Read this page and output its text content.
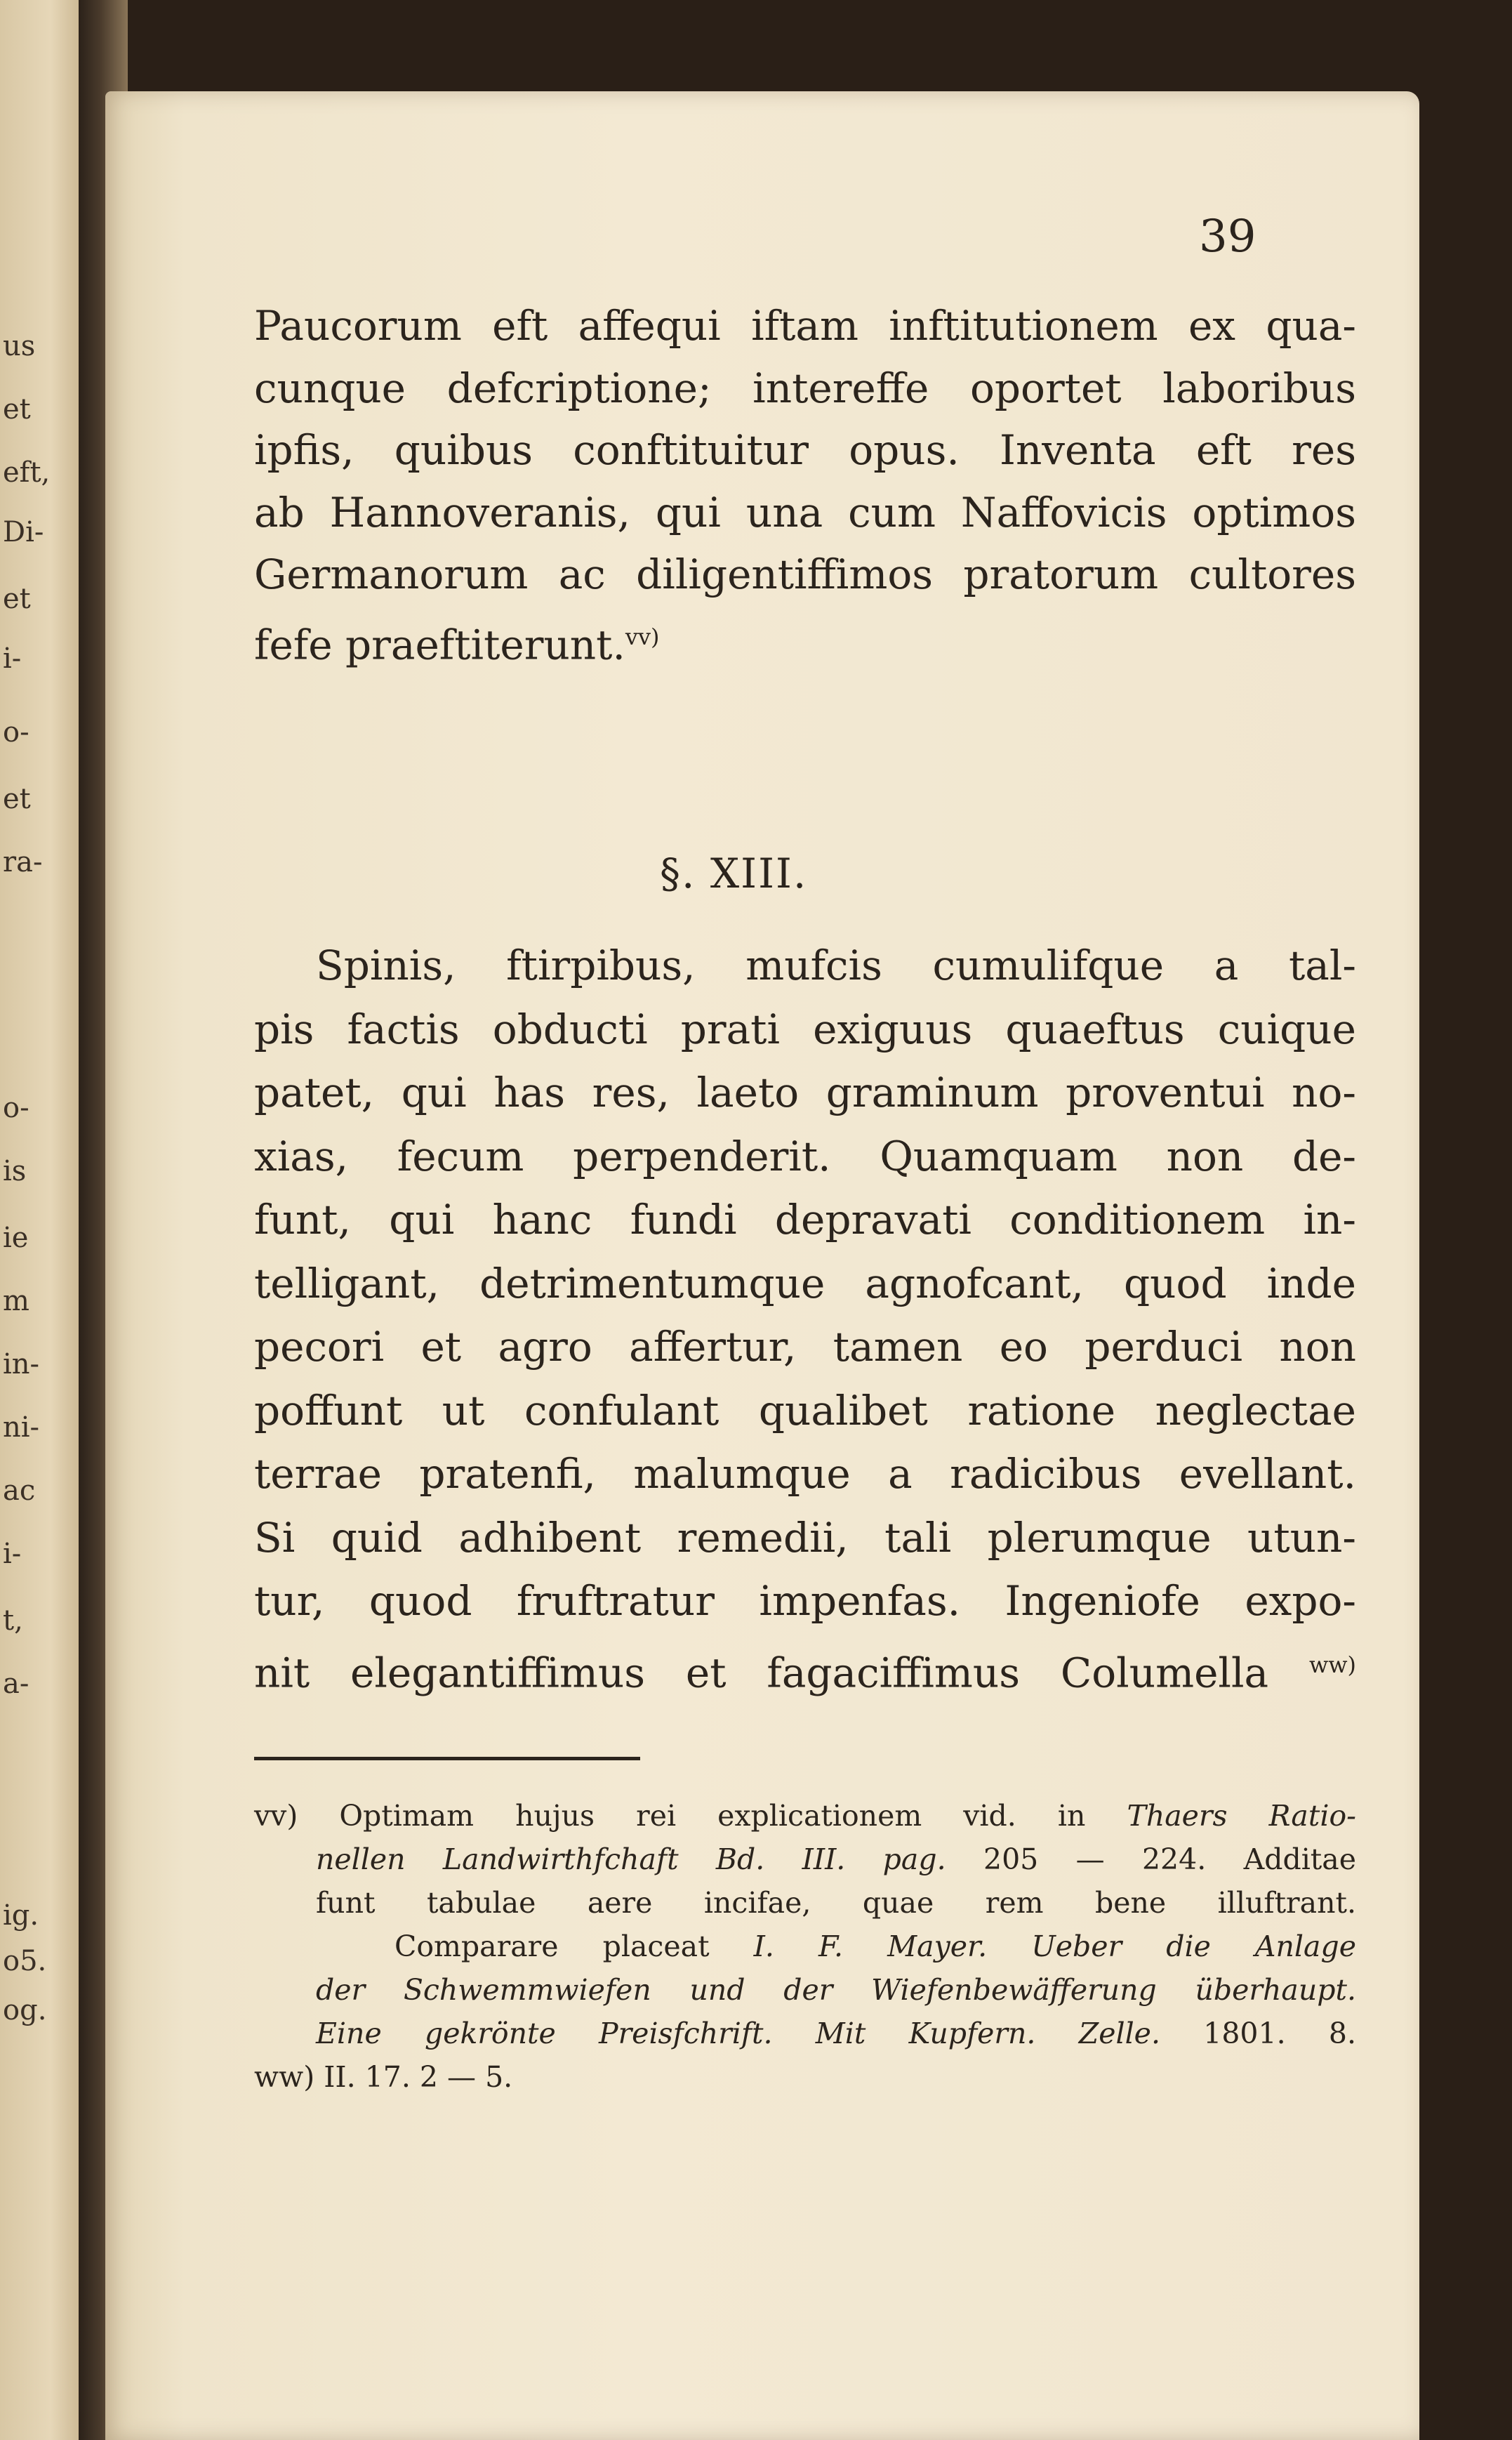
us
et
eft,
Di-
et
i-
o-
et
ra-
o-
is
ie
m
in-
ni-
ac
i-
t,
a-
ig.
o5.
og.
39
Paucorum eft affequi iftam inftitutionem ex qua-
cunque defcriptione; intereffe oportet laboribus
ipfis, quibus conftituitur opus. Inventa eft res
ab Hannoveranis, qui una cum Naffovicis optimos
Germanorum ac diligentiffimos pratorum cultores
fefe praeftiterunt.$^{vv)}$
§. XIII.
Spinis, ftirpibus, mufcis cumulifque a tal-
pis factis obducti prati exiguus quaeftus cuique
patet, qui has res, laeto graminum proventui no-
xias, fecum perpenderit. Quamquam non de-
funt, qui hanc fundi depravati conditionem in-
telligant, detrimentumque agnofcant, quod inde
pecori et agro affertur, tamen eo perduci non
poffunt ut confulant qualibet ratione neglectae
terrae pratenfi, malumque a radicibus evellant.
Si quid adhibent remedii, tali plerumque utun-
tur, quod fruftratur impenfas. Ingeniofe expo-
nit elegantiffimus et fagaciffimus Columella $^{ww)}$
vv) Optimam hujus rei explicationem vid. in Thaers Ratio-
nellen Landwirthfchaft Bd. III. pag. 205 — 224. Additae
funt tabulae aere incifae, quae rem bene illuftrant.
Comparare placeat I. F. Mayer. Ueber die Anlage
der Schwemmwiefen und der Wiefenbewäfferung überhaupt.
Eine gekrönte Preisfchrift. Mit Kupfern. Zelle. 1801. 8.
ww) II. 17. 2 — 5.
